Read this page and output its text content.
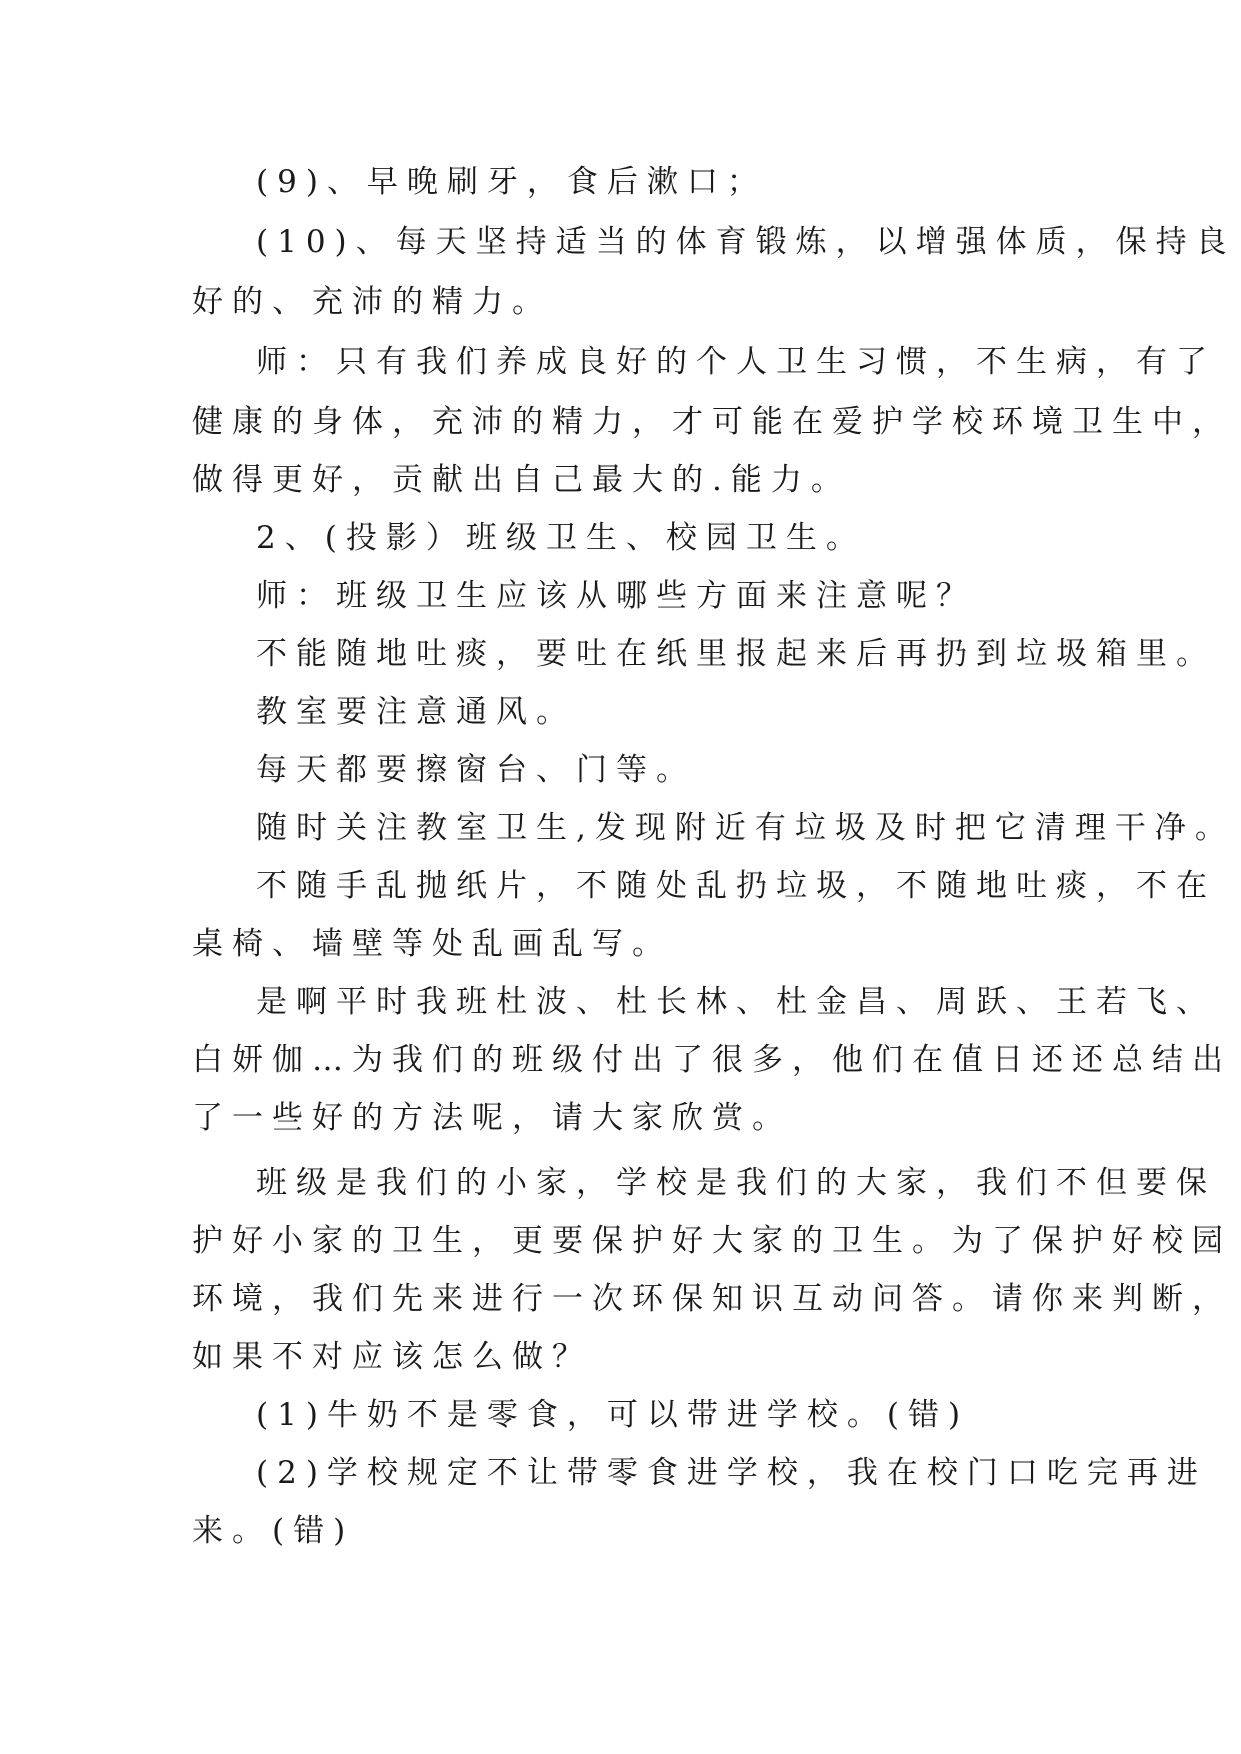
(9)、早晚刷牙，食后漱口；
(10)、每天坚持适当的体育锻炼，以增强体质，保持良
好的、充沛的精力。
师：只有我们养成良好的个人卫生习惯，不生病，有了
健康的身体，充沛的精力，才可能在爱护学校环境卫生中，
做得更好，贡献出自己最大的.能力。
2、(投影）班级卫生、校园卫生。
师：班级卫生应该从哪些方面来注意呢？
不能随地吐痰，要吐在纸里报起来后再扔到垃圾箱里。
教室要注意通风。
每天都要擦窗台、门等。
随时关注教室卫生,发现附近有垃圾及时把它清理干净。
不随手乱抛纸片，不随处乱扔垃圾，不随地吐痰，不在
桌椅、墙壁等处乱画乱写。
是啊平时我班杜波、杜长林、杜金昌、周跃、王若飞、
白妍伽…为我们的班级付出了很多，他们在值日还还总结出
了一些好的方法呢，请大家欣赏。
班级是我们的小家，学校是我们的大家，我们不但要保
护好小家的卫生，更要保护好大家的卫生。为了保护好校园
环境，我们先来进行一次环保知识互动问答。请你来判断，
如果不对应该怎么做？
(1)牛奶不是零食，可以带进学校。(错)
(2)学校规定不让带零食进学校，我在校门口吃完再进
来。(错)
